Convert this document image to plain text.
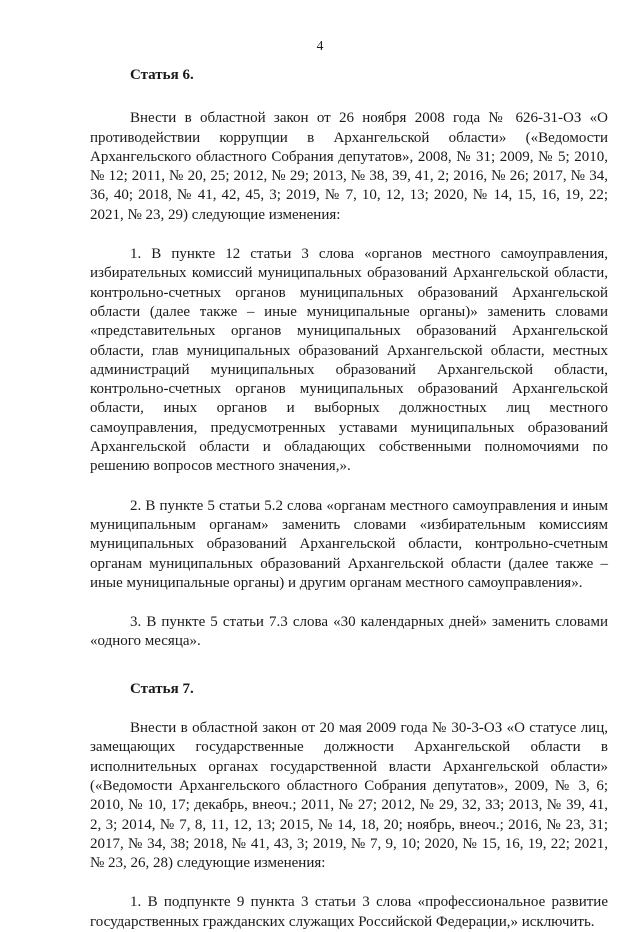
4

Статья 6.

Внести в областной закон от 26 ноября 2008 года № 626-31-ОЗ «О противодействии коррупции в Архангельской области» («Ведомости Архангельского областного Собрания депутатов», 2008, № 31; 2009, № 5; 2010, № 12; 2011, № 20, 25; 2012, № 29; 2013, № 38, 39, 41, 2; 2016, № 26; 2017, № 34, 36, 40; 2018, № 41, 42, 45, 3; 2019, № 7, 10, 12, 13; 2020, № 14, 15, 16, 19, 22; 2021, № 23, 29) следующие изменения:

1. В пункте 12 статьи 3 слова «органов местного самоуправления, избирательных комиссий муниципальных образований Архангельской области, контрольно-счетных органов муниципальных образований Архангельской области (далее также – иные муниципальные органы)» заменить словами «представительных органов муниципальных образований Архангельской области, глав муниципальных образований Архангельской области, местных администраций муниципальных образований Архангельской области, контрольно-счетных органов муниципальных образований Архангельской области, иных органов и выборных должностных лиц местного самоуправления, предусмотренных уставами муниципальных образований Архангельской области и обладающих собственными полномочиями по решению вопросов местного значения,».

2. В пункте 5 статьи 5.2 слова «органам местного самоуправления и иным муниципальным органам» заменить словами «избирательным комиссиям муниципальных образований Архангельской области, контрольно-счетным органам муниципальных образований Архангельской области (далее также – иные муниципальные органы) и другим органам местного самоуправления».

3. В пункте 5 статьи 7.3 слова «30 календарных дней» заменить словами «одного месяца».

Статья 7.

Внести в областной закон от 20 мая 2009 года № 30-3-ОЗ «О статусе лиц, замещающих государственные должности Архангельской области в исполнительных органах государственной власти Архангельской области» («Ведомости Архангельского областного Собрания депутатов», 2009, № 3, 6; 2010, № 10, 17; декабрь, внеоч.; 2011, № 27; 2012, № 29, 32, 33; 2013, № 39, 41, 2, 3; 2014, № 7, 8, 11, 12, 13; 2015, № 14, 18, 20; ноябрь, внеоч.; 2016, № 23, 31; 2017, № 34, 38; 2018, № 41, 43, 3; 2019, № 7, 9, 10; 2020, № 15, 16, 19, 22; 2021, № 23, 26, 28) следующие изменения:

1. В подпункте 9 пункта 3 статьи 3 слова «профессиональное развитие государственных гражданских служащих Российской Федерации,» исключить.
